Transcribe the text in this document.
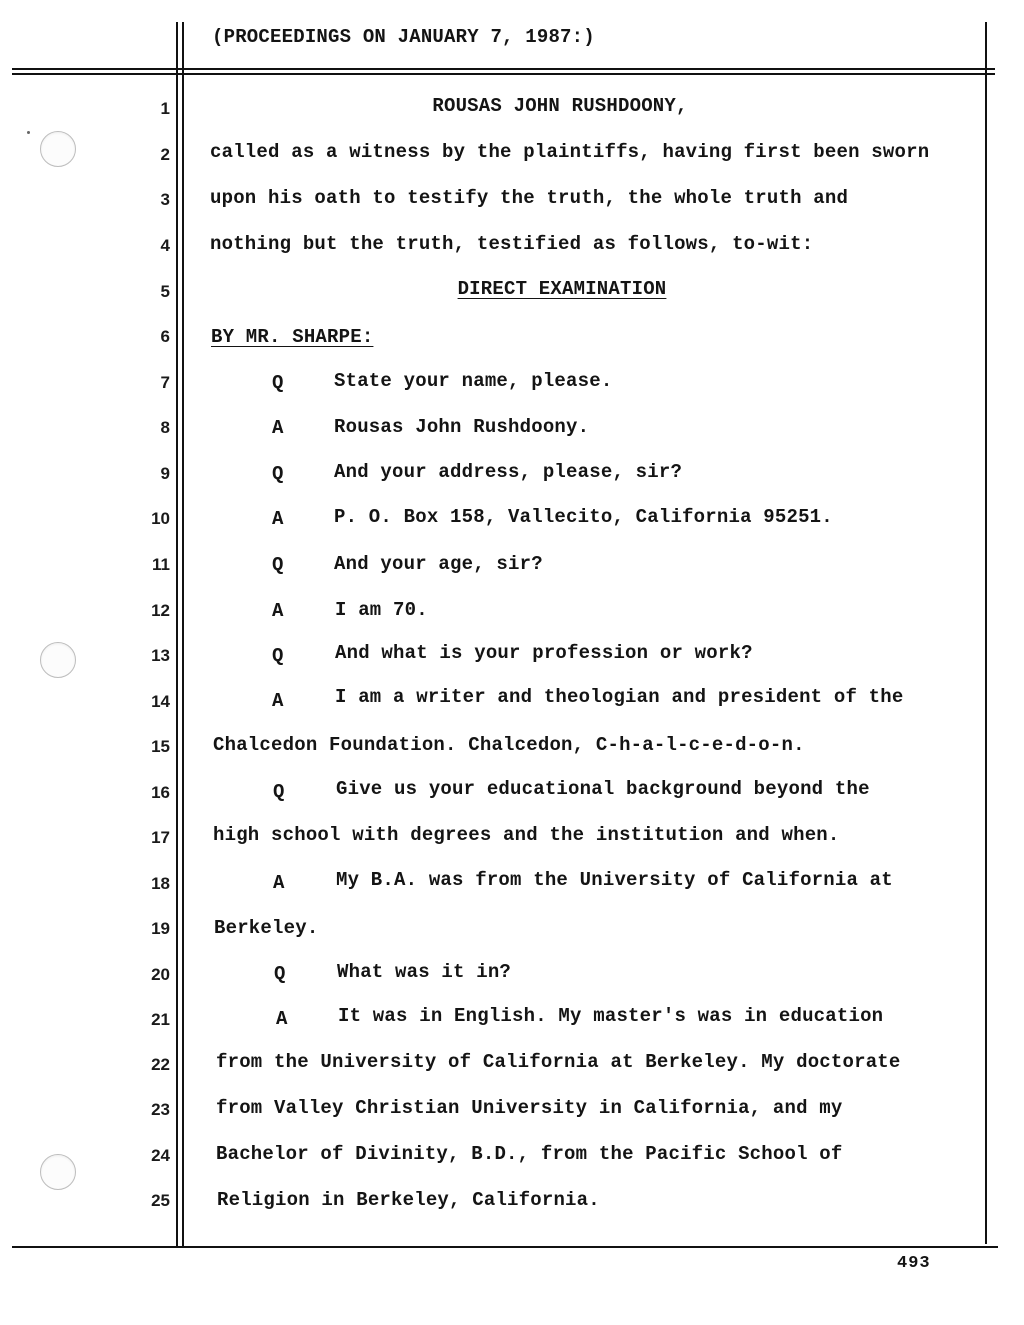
(PROCEEDINGS ON JANUARY 7, 1987:)
1
2
3
4
5
6
7
8
9
10
11
12
13
14
15
16
17
18
19
20
21
22
23
24
25
ROUSAS JOHN RUSHDOONY,
called as a witness by the plaintiffs, having first been sworn
upon his oath to testify the truth, the whole truth and
nothing but the truth, testified as follows, to-wit:
DIRECT EXAMINATION
BY MR. SHARPE:
Q	State your name, please.
A	Rousas John Rushdoony.
Q	And your address, please, sir?
A	P. O. Box 158, Vallecito, California 95251.
Q	And your age, sir?
A	I am 70.
Q	And what is your profession or work?
A	I am a writer and theologian and president of the
Chalcedon Foundation. Chalcedon, C-h-a-l-c-e-d-o-n.
Q	Give us your educational background beyond the
high school with degrees and the institution and when.
A	My B.A. was from the University of California at
Berkeley.
Q	What was it in?
A	It was in English. My master's was in education
from the University of California at Berkeley. My doctorate
from Valley Christian University in California, and my
Bachelor of Divinity, B.D., from the Pacific School of
Religion in Berkeley, California.
493
